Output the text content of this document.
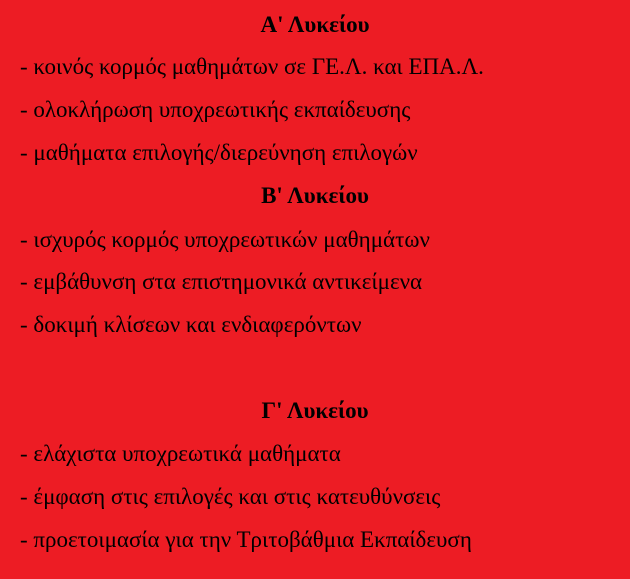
Α' Λυκείου
- κοινός κορμός μαθημάτων σε ΓΕ.Λ. και ΕΠΑ.Λ.
- ολοκλήρωση υποχρεωτικής εκπαίδευσης
- μαθήματα επιλογής/διερεύνηση επιλογών
Β' Λυκείου
- ισχυρός κορμός υποχρεωτικών μαθημάτων
- εμβάθυνση στα επιστημονικά αντικείμενα
- δοκιμή κλίσεων και ενδιαφερόντων
Γ' Λυκείου
- ελάχιστα υποχρεωτικά μαθήματα
- έμφαση στις επιλογές και στις κατευθύνσεις
- προετοιμασία για την Τριτοβάθμια Εκπαίδευση
